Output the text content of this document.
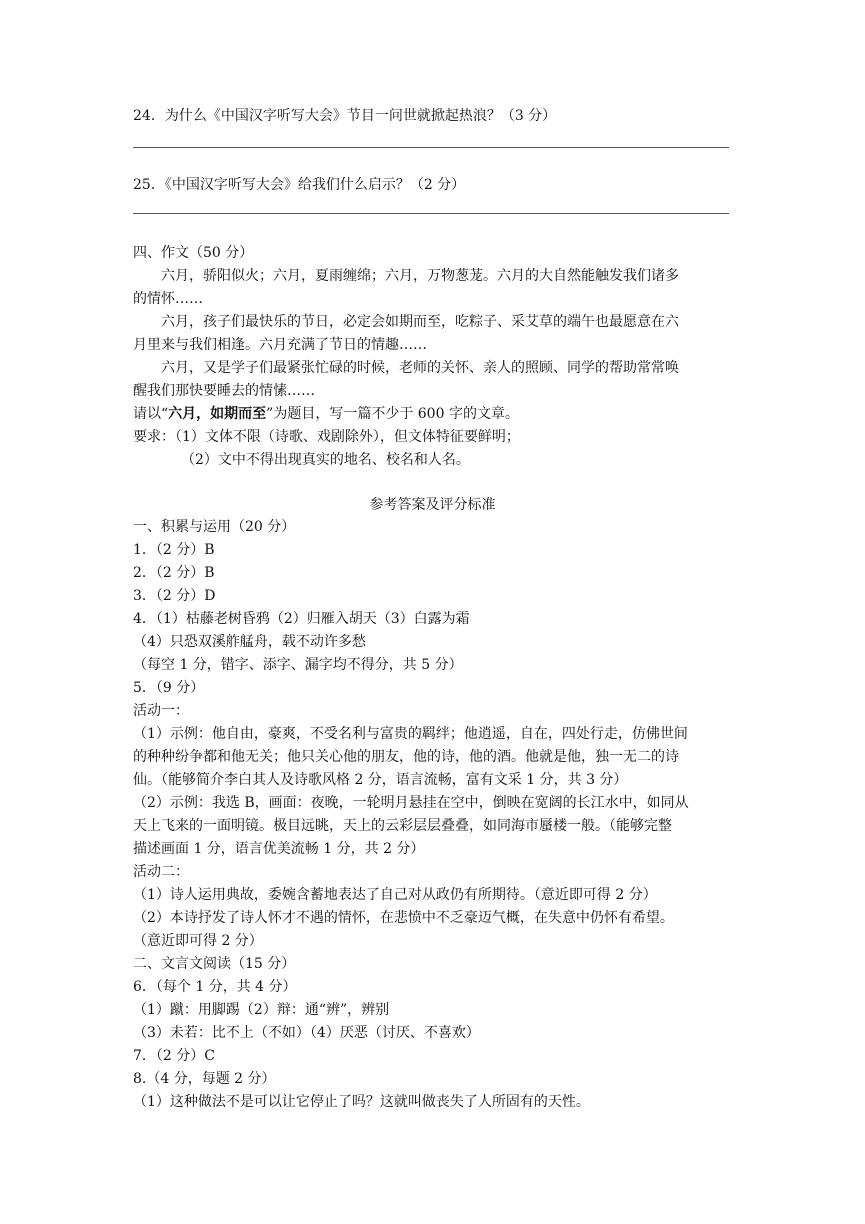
24．为什么《中国汉字听写大会》节目一问世就掀起热浪？（3 分）
25．《中国汉字听写大会》给我们什么启示？（2 分）
四、作文（50 分）
六月，骄阳似火；六月，夏雨缠绵；六月，万物葱茏。六月的大自然能触发我们诸多
的情怀……
六月，孩子们最快乐的节日，必定会如期而至，吃粽子、采艾草的端午也最愿意在六
月里来与我们相逢。六月充满了节日的情趣……
六月，又是学子们最紧张忙碌的时候，老师的关怀、亲人的照顾、同学的帮助常常唤
醒我们那快要睡去的情愫……
请以“六月，如期而至”为题目，写一篇不少于 600 字的文章。
要求：（1）文体不限（诗歌、戏剧除外），但文体特征要鲜明；
（2）文中不得出现真实的地名、校名和人名。
参考答案及评分标准
一、积累与运用（20 分）
1．（2 分）B
2．（2 分）B
3．（2 分）D
4．（1）枯藤老树昏鸦（2）归雁入胡天（3）白露为霜
（4）只恐双溪舴艋舟，载不动许多愁
（每空 1 分，错字、添字、漏字均不得分，共 5 分）
5．（9 分）
活动一：
（1）示例：他自由，豪爽，不受名利与富贵的羁绊；他逍遥，自在，四处行走，仿佛世间
的种种纷争都和他无关；他只关心他的朋友，他的诗，他的酒。他就是他，独一无二的诗
仙。（能够简介李白其人及诗歌风格 2 分，语言流畅，富有文采 1 分，共 3 分）
（2）示例：我选 B，画面：夜晚，一轮明月悬挂在空中，倒映在宽阔的长江水中，如同从
天上飞来的一面明镜。极目远眺，天上的云彩层层叠叠，如同海市蜃楼一般。（能够完整
描述画面 1 分，语言优美流畅 1 分，共 2 分）
活动二：
（1）诗人运用典故，委婉含蓄地表达了自己对从政仍有所期待。（意近即可得 2 分）
（2）本诗抒发了诗人怀才不遇的情怀，在悲愤中不乏豪迈气概，在失意中仍怀有希望。
（意近即可得 2 分）
二、文言文阅读（15 分）
6．（每个 1 分，共 4 分）
（1）蹴：用脚踢（2）辩：通“辨”，辨别
（3）未若：比不上（不如）（4）厌恶（讨厌、不喜欢）
7．（2 分）C
8.（4 分，每题 2 分）
（1）这种做法不是可以让它停止了吗？这就叫做丧失了人所固有的天性。
